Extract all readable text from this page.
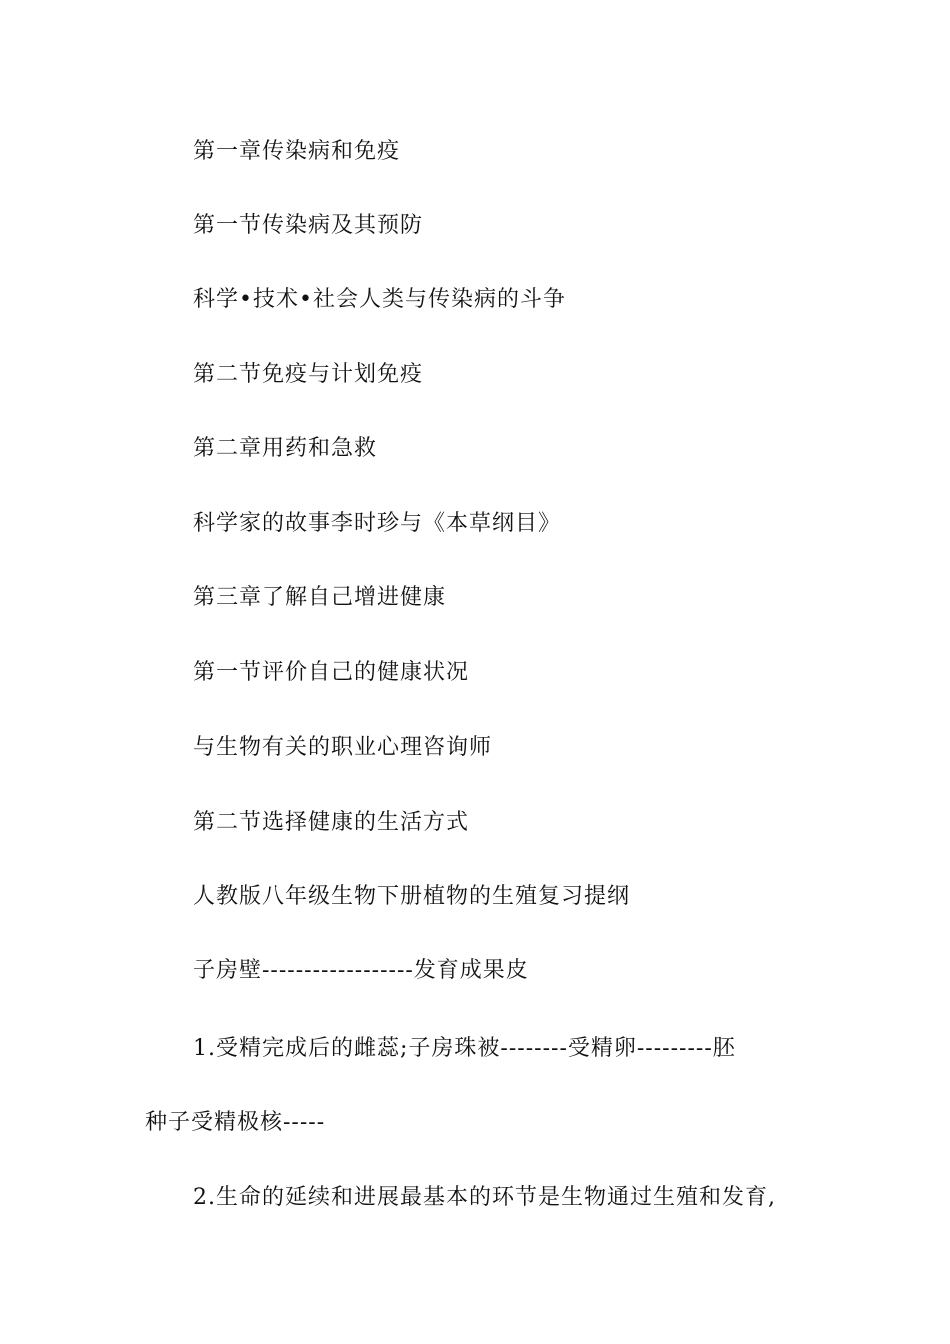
第一章传染病和免疫
第一节传染病及其预防
科学•技术•社会人类与传染病的斗争
第二节免疫与计划免疫
第二章用药和急救
科学家的故事李时珍与《本草纲目》
第三章了解自己增进健康
第一节评价自己的健康状况
与生物有关的职业心理咨询师
第二节选择健康的生活方式
人教版八年级生物下册植物的生殖复习提纲
子房壁------------------发育成果皮
1.受精完成后的雌蕊;子房珠被--------受精卵---------胚
种子受精极核-----
2.生命的延续和进展最基本的环节是生物通过生殖和发育,
